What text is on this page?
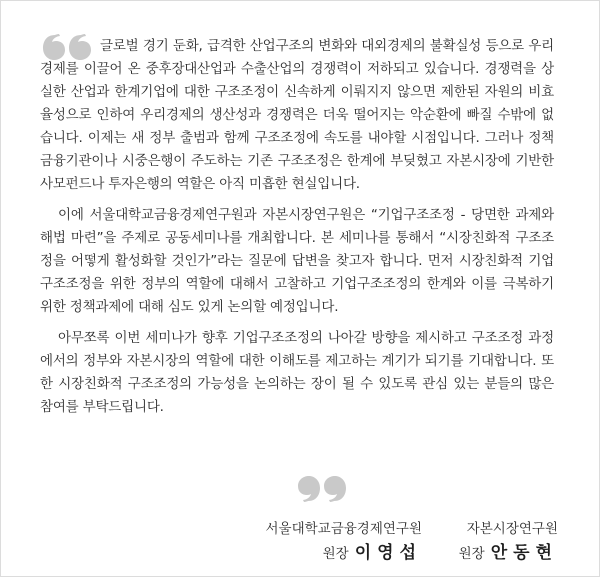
글로벌 경기 둔화, 급격한 산업구조의 변화와 대외경제의 불확실성 등으로 우리 경제를 이끌어 온 중후장대산업과 수출산업의 경쟁력이 저하되고 있습니다. 경쟁력을 상실한 산업과 한계기업에 대한 구조조정이 신속하게 이뤄지지 않으면 제한된 자원의 비효율성으로 인하여 우리경제의 생산성과 경쟁력은 더욱 떨어지는 악순환에 빠질 수밖에 없습니다. 이제는 새 정부 출범과 함께 구조조정에 속도를 내야할 시점입니다. 그러나 정책금융기관이나 시중은행이 주도하는 기존 구조조정은 한계에 부딪혔고 자본시장에 기반한 사모펀드나 투자은행의 역할은 아직 미흡한 현실입니다.

이에 서울대학교금융경제연구원과 자본시장연구원은 “기업구조조정 - 당면한 과제와 해법 마련”을 주제로 공동세미나를 개최합니다. 본 세미나를 통해서 “시장친화적 구조조정을 어떻게 활성화할 것인가”라는 질문에 답변을 찾고자 합니다. 먼저 시장친화적 기업구조조정을 위한 정부의 역할에 대해서 고찰하고 기업구조조정의 한계와 이를 극복하기 위한 정책과제에 대해 심도 있게 논의할 예정입니다.

아무쪼록 이번 세미나가 향후 기업구조조정의 나아갈 방향을 제시하고 구조조정 과정에서의 정부와 자본시장의 역할에 대한 이해도를 제고하는 계기가 되기를 기대합니다. 또한 시장친화적 구조조정의 가능성을 논의하는 장이 될 수 있도록 관심 있는 분들의 많은 참여를 부탁드립니다.

서울대학교금융경제연구원
원장 이영섭
자본시장연구원
원장 안동현
